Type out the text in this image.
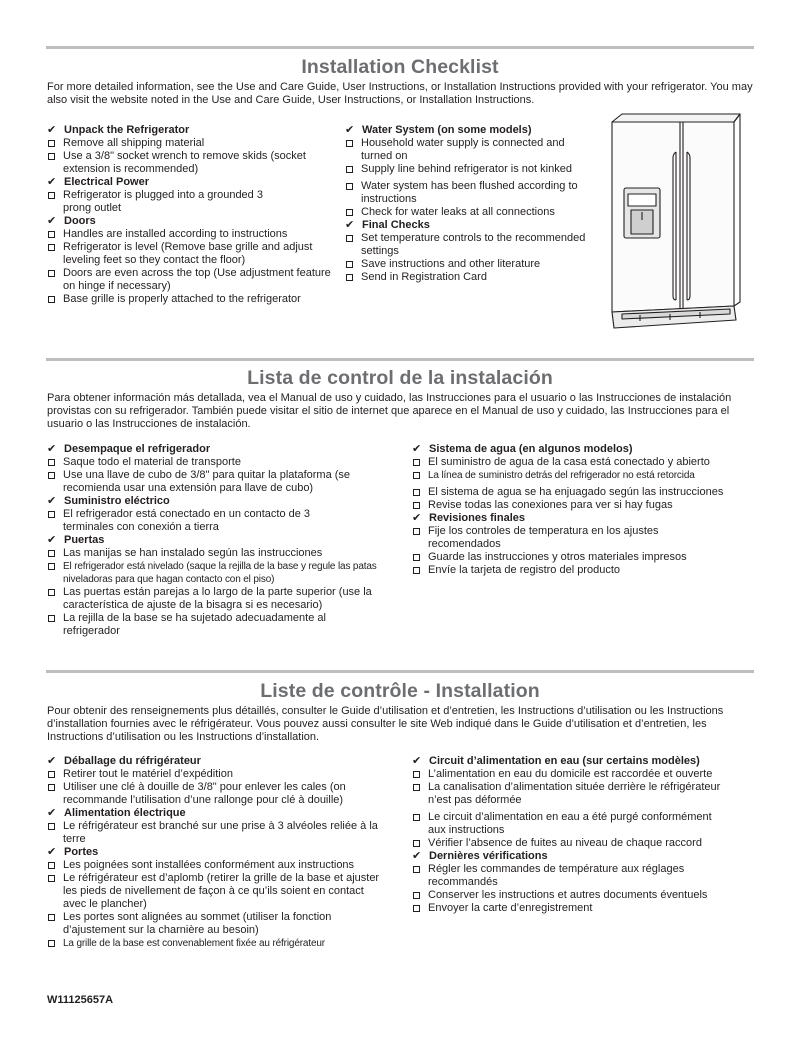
Installation Checklist

For more detailed information, see the Use and Care Guide, User Instructions, or Installation Instructions provided with your refrigerator. You may also visit the website noted in the Use and Care Guide, User Instructions, or Installation Instructions.

✔ Unpack the Refrigerator

Remove all shipping material

Use a 3/8" socket wrench to remove skids (socket extension is recommended)

✔ Electrical Power

Refrigerator is plugged into a grounded 3 prong outlet

✔ Doors

Handles are installed according to instructions

Refrigerator is level (Remove base grille and adjust leveling feet so they contact the floor)

Doors are even across the top (Use adjustment feature on hinge if necessary)

Base grille is properly attached to the refrigerator

✔ Water System (on some models)

Household water supply is connected and turned on

Supply line behind refrigerator is not kinked

Water system has been flushed according to instructions

Check for water leaks at all connections

✔ Final Checks

Set temperature controls to the recommended settings

Save instructions and other literature

Send in Registration Card

Lista de control de la instalación

Para obtener información más detallada, vea el Manual de uso y cuidado, las Instrucciones para el usuario o las Instrucciones de instalación provistas con su refrigerador. También puede visitar el sitio de internet que aparece en el Manual de uso y cuidado, las Instrucciones para el usuario o las Instrucciones de instalación.

✔ Desempaque el refrigerador

Saque todo el material de transporte

Use una llave de cubo de 3/8" para quitar la plataforma (se recomienda usar una extensión para llave de cubo)

✔ Suministro eléctrico

El refrigerador está conectado en un contacto de 3 terminales con conexión a tierra

✔ Puertas

Las manijas se han instalado según las instrucciones

El refrigerador está nivelado (saque la rejilla de la base y regule las patas niveladoras para que hagan contacto con el piso)

Las puertas están parejas a lo largo de la parte superior (use la característica de ajuste de la bisagra si es necesario)

La rejilla de la base se ha sujetado adecuadamente al refrigerador

✔ Sistema de agua (en algunos modelos)

El suministro de agua de la casa está conectado y abierto

La línea de suministro detrás del refrigerador no está retorcida

El sistema de agua se ha enjuagado según las instrucciones

Revise todas las conexiones para ver si hay fugas

✔ Revisiones finales

Fije los controles de temperatura en los ajustes recomendados

Guarde las instrucciones y otros materiales impresos

Envíe la tarjeta de registro del producto

Liste de contrôle - Installation

Pour obtenir des renseignements plus détaillés, consulter le Guide d’utilisation et d’entretien, les Instructions d’utilisation ou les Instructions d’installation fournies avec le réfrigérateur. Vous pouvez aussi consulter le site Web indiqué dans le Guide d’utilisation et d’entretien, les Instructions d’utilisation ou les Instructions d’installation.

✔ Déballage du réfrigérateur

Retirer tout le matériel d’expédition

Utiliser une clé à douille de 3/8" pour enlever les cales (on recommande l’utilisation d’une rallonge pour clé à douille)

✔ Alimentation électrique

Le réfrigérateur est branché sur une prise à 3 alvéoles reliée à la terre

✔ Portes

Les poignées sont installées conformément aux instructions

Le réfrigérateur est d’aplomb (retirer la grille de la base et ajuster les pieds de nivellement de façon à ce qu’ils soient en contact avec le plancher)

Les portes sont alignées au sommet (utiliser la fonction d’ajustement sur la charnière au besoin)

La grille de la base est convenablement fixée au réfrigérateur

✔ Circuit d’alimentation en eau (sur certains modèles)

L’alimentation en eau du domicile est raccordée et ouverte

La canalisation d’alimentation située derrière le réfrigérateur n’est pas déformée

Le circuit d’alimentation en eau a été purgé conformément aux instructions

Vérifier l’absence de fuites au niveau de chaque raccord

✔ Dernières vérifications

Régler les commandes de température aux réglages recommandés

Conserver les instructions et autres documents éventuels

Envoyer la carte d’enregistrement

W11125657A
